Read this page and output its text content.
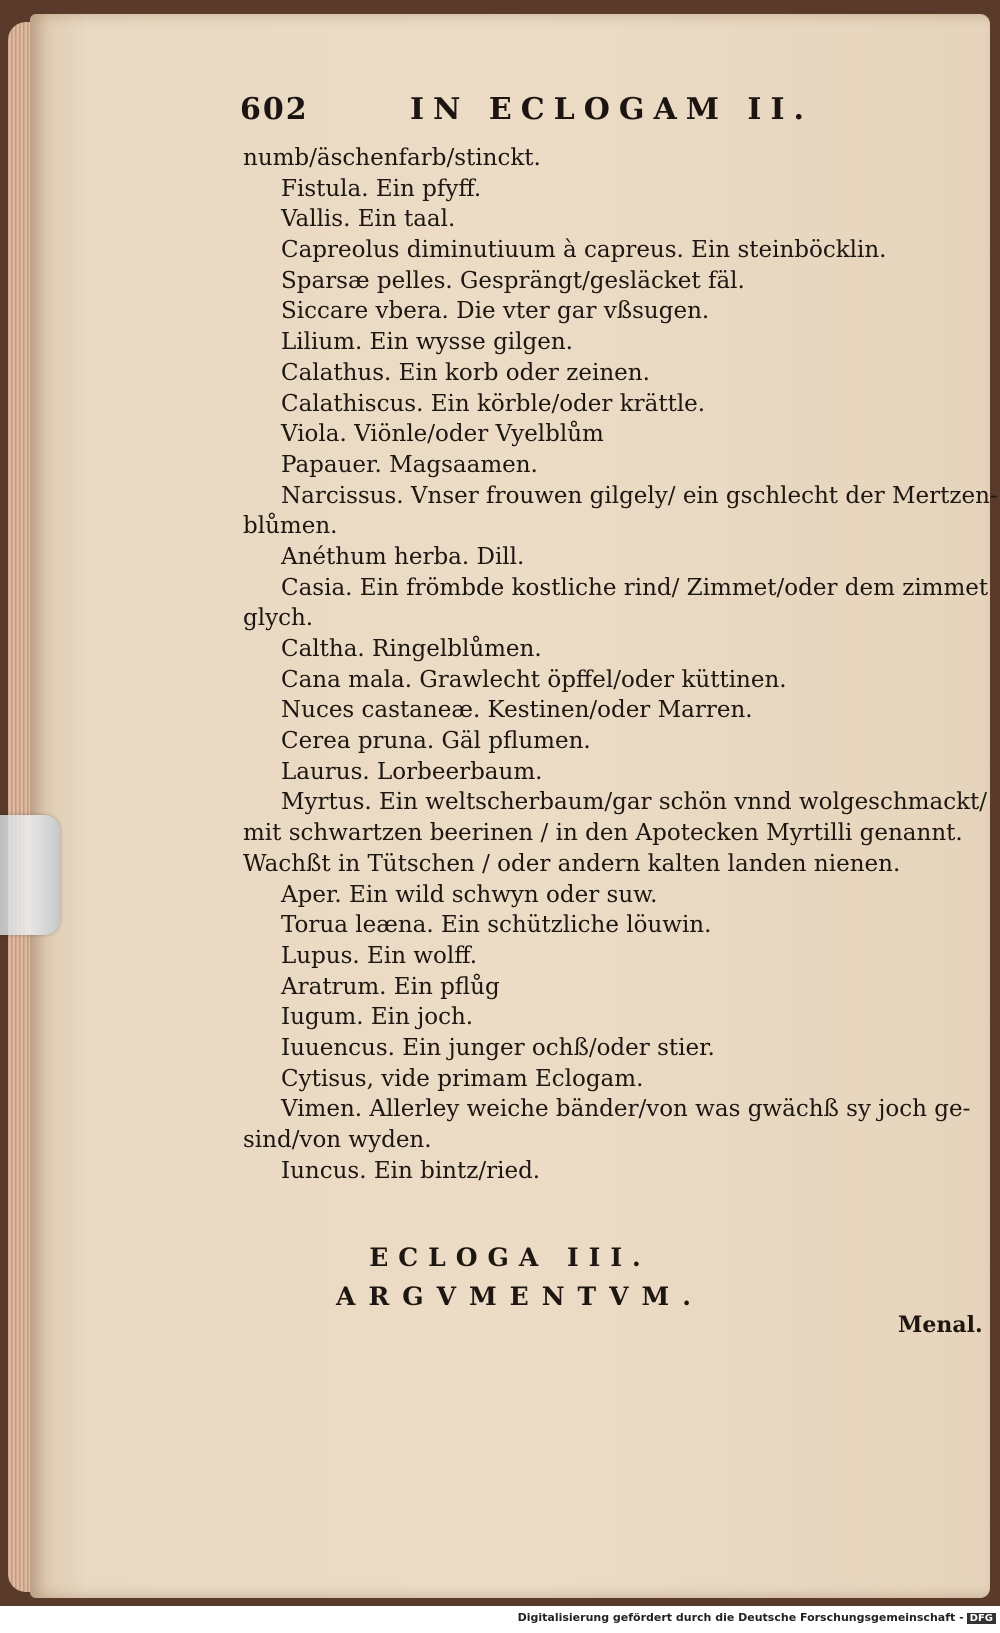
602	IN ECLOGAM II.
numb/äschenfarb/stinckt.
Fistula. Ein pfyff.
Vallis. Ein taal.
Capreolus diminutiuum à capreus. Ein steinböcklin.
Sparsæ pelles. Gesprängt/gesläcket fäl.
Siccare vbera. Die vter gar vßsugen.
Lilium. Ein wysse gilgen.
Calathus. Ein korb oder zeinen.
Calathiscus. Ein körble/oder krättle.
Viola. Viönle/oder Vyelblům
Papauer. Magsaamen.
Narcissus. Vnser frouwen gilgely/ ein gschlecht der Mertzen-
blůmen.
Anéthum herba. Dill.
Casia. Ein frömbde kostliche rind/ Zimmet/oder dem zimmet
glych.
Caltha. Ringelblůmen.
Cana mala. Grawlecht öpffel/oder küttinen.
Nuces castaneæ. Kestinen/oder Marren.
Cerea pruna. Gäl pflumen.
Laurus. Lorbeerbaum.
Myrtus. Ein weltscherbaum/gar schön vnnd wolgeschmackt/
mit schwartzen beerinen / in den Apotecken Myrtilli genannt.
Wachßt in Tütschen / oder andern kalten landen nienen.
Aper. Ein wild schwyn oder suw.
Torua leæna. Ein schützliche löuwin.
Lupus. Ein wolff.
Aratrum. Ein pflůg
Iugum. Ein joch.
Iuuencus. Ein junger ochß/oder stier.
Cytisus, vide primam Eclogam.
Vimen. Allerley weiche bänder/von was gwächß sy joch ge-
sind/von wyden.
Iuncus. Ein bintz/ried.
ECLOGA III.
ARGVMENTVM.
Menal.
Digitalisierung gefördert durch die Deutsche Forschungsgemeinschaft - DFG
